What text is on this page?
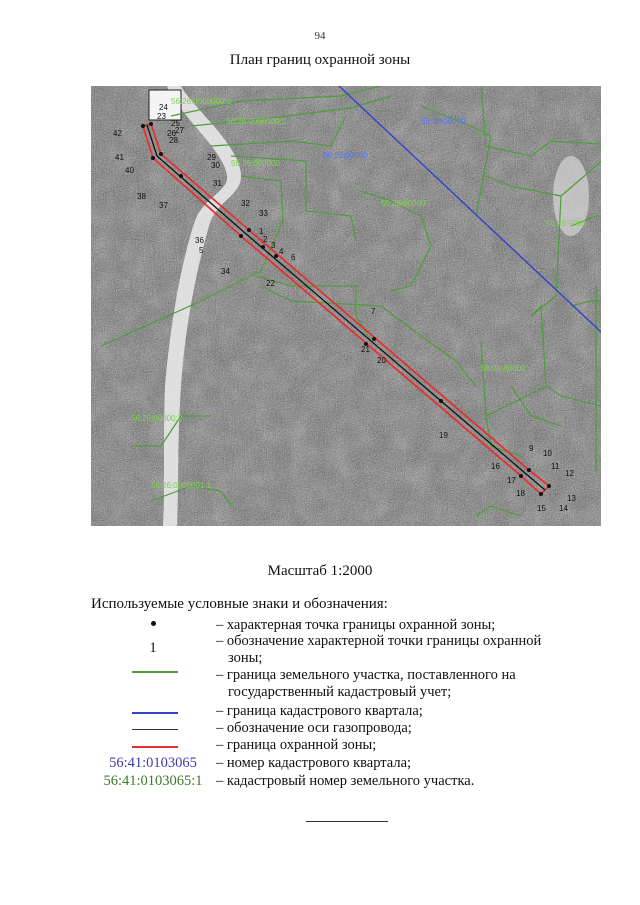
94
План границ охранной зоны
1
2
3
4
6
5
7
9
10
11
12
13
14
15
16
17
18
19
20
21
22
23
24
25
26 27
28
29
30
31
32
33
34
36
37
38
40
41
42
56:26:0000000:1
56:26:0000000:1
56:26:000000
56:26:00000
56:26:00000
56:26:0000
56:26:00000:2
56:26:0000001:1
56:26:00000
56:26:00000
Масштаб 1:2000
Используемые условные знаки и обозначения:
– характерная точка границы охранной зоны;
1	– обозначение характерной точки границы охранной
зоны;
– граница земельного участка, поставленного на
государственный кадастровый учет;
– граница кадастрового квартала;
– обозначение оси газопровода;
– граница охранной зоны;
56:41:0103065	– номер кадастрового квартала;
56:41:0103065:1 – кадастровый номер земельного участка.
